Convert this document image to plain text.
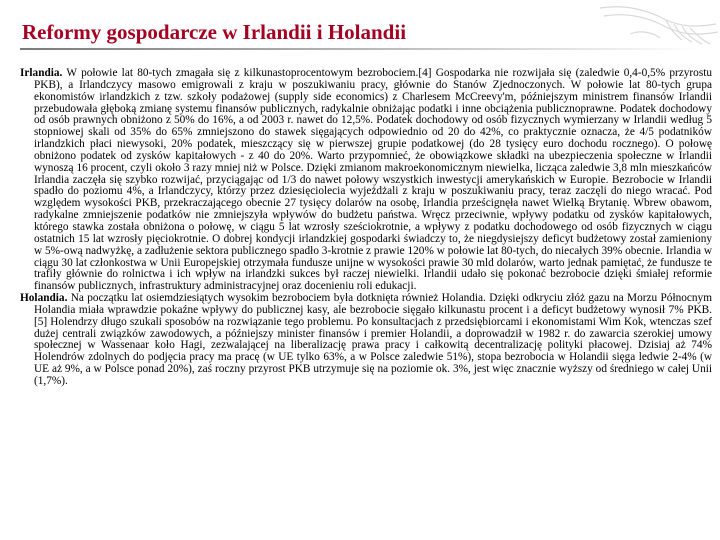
Reformy gospodarcze w Irlandii i Holandii

Irlandia. W połowie lat 80-tych zmagała się z kilkunastoprocentowym bezrobociem.[4] Gospodarka nie rozwijała się (zaledwie 0,4-0,5% przyrostu PKB), a Irlandczycy masowo emigrowali z kraju w poszukiwaniu pracy, głównie do Stanów Zjednoczonych. W połowie lat 80-tych grupa ekonomistów irlandzkich z tzw. szkoły podażowej (supply side economics) z Charlesem McCreevy'm, późniejszym ministrem finansów Irlandii przebudowała głęboką zmianę systemu finansów publicznych, radykalnie obniżając podatki i inne obciążenia publicznoprawne. Podatek dochodowy od osób prawnych obniżono z 50% do 16%, a od 2003 r. nawet do 12,5%. Podatek dochodowy od osób fizycznych wymierzany w Irlandii według 5 stopniowej skali od 35% do 65% zmniejszono do stawek sięgających odpowiednio od 20 do 42%, co praktycznie oznacza, że 4/5 podatników irlandzkich płaci niewysoki, 20% podatek, mieszczący się w pierwszej grupie podatkowej (do 28 tysięcy euro dochodu rocznego). O połowę obniżono podatek od zysków kapitałowych - z 40 do 20%. Warto przypomnieć, że obowiązkowe składki na ubezpieczenia społeczne w Irlandii wynoszą 16 procent, czyli około 3 razy mniej niż w Polsce. Dzięki zmianom makroekonomicznym niewielka, licząca zaledwie 3,8 mln mieszkańców Irlandia zaczęła się szybko rozwijać, przyciągając od 1/3 do nawet połowy wszystkich inwestycji amerykańskich w Europie. Bezrobocie w Irlandii spadło do poziomu 4%, a Irlandczycy, którzy przez dziesięciolecia wyjeżdżali z kraju w poszukiwaniu pracy, teraz zaczęli do niego wracać. Pod względem wysokości PKB, przekraczającego obecnie 27 tysięcy dolarów na osobę, Irlandia prześcignęła nawet Wielką Brytanię. Wbrew obawom, radykalne zmniejszenie podatków nie zmniejszyła wpływów do budżetu państwa. Wręcz przeciwnie, wpływy podatku od zysków kapitałowych, którego stawka została obniżona o połowę, w ciągu 5 lat wzrosły sześciokrotnie, a wpływy z podatku dochodowego od osób fizycznych w ciągu ostatnich 15 lat wzrosły pięciokrotnie. O dobrej kondycji irlandzkiej gospodarki świadczy to, że niegdysiejszy deficyt budżetowy został zamieniony w 5%-ową nadwyżkę, a zadłużenie sektora publicznego spadło 3-krotnie z prawie 120% w połowie lat 80-tych, do niecałych 39% obecnie. Irlandia w ciągu 30 lat członkostwa w Unii Europejskiej otrzymała fundusze unijne w wysokości prawie 30 mld dolarów, warto jednak pamiętać, że fundusze te trafiły głównie do rolnictwa i ich wpływ na irlandzki sukces był raczej niewielki. Irlandii udało się pokonać bezrobocie dzięki śmiałej reformie finansów publicznych, infrastruktury administracyjnej oraz docenieniu roli edukacji.

Holandia. Na początku lat osiemdziesiątych wysokim bezrobociem była dotknięta również Holandia. Dzięki odkryciu złóż gazu na Morzu Północnym Holandia miała wprawdzie pokaźne wpływy do publicznej kasy, ale bezrobocie sięgało kilkunastu procent i a deficyt budżetowy wynosił 7% PKB. [5] Holendrzy długo szukali sposobów na rozwiązanie tego problemu. Po konsultacjach z przedsiębiorcami i ekonomistami Wim Kok, wtenczas szef dużej centrali związków zawodowych, a późniejszy minister finansów i premier Holandii, a doprowadził w 1982 r. do zawarcia szerokiej umowy społecznej w Wassenaar koło Hagi, zezwalającej na liberalizację prawa pracy i całkowitą decentralizację polityki płacowej. Dzisiaj aż 74% Holendrów zdolnych do podjęcia pracy ma pracę (w UE tylko 63%, a w Polsce zaledwie 51%), stopa bezrobocia w Holandii sięga ledwie 2-4% (w UE aż 9%, a w Polsce ponad 20%), zaś roczny przyrost PKB utrzymuje się na poziomie ok. 3%, jest więc znacznie wyższy od średniego w całej Unii (1,7%).
